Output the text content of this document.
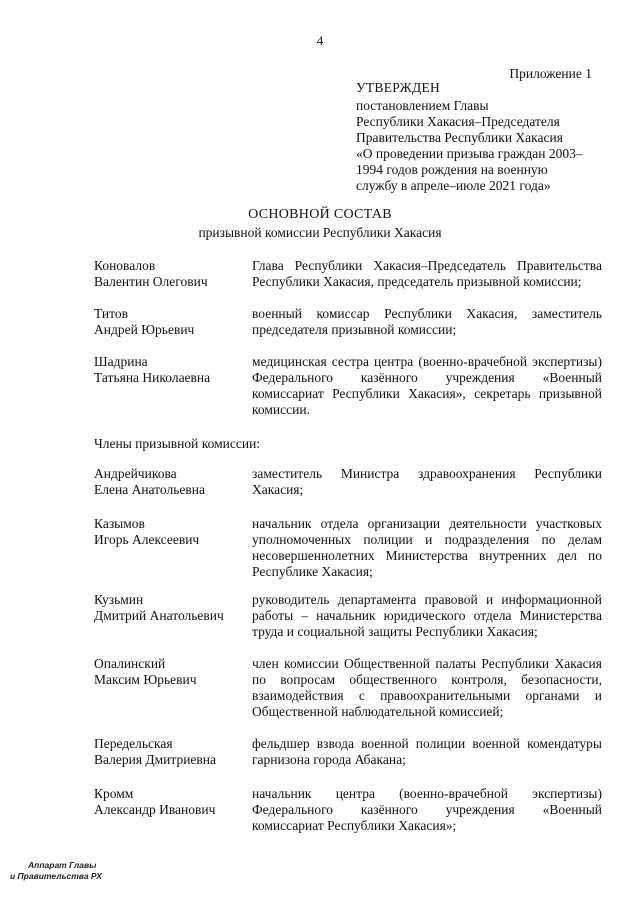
4
Приложение 1
УТВЕРЖДЕН
постановлением Главы
Республики Хакасия–Председателя
Правительства Республики Хакасия
«О проведении призыва граждан 2003–
1994 годов рождения на военную
службу в апреле–июле 2021 года»
ОСНОВНОЙ СОСТАВ
призывной комиссии Республики Хакасия
Коновалов
Валентин Олегович
Глава Республики Хакасия–Председатель Правительства Республики Хакасия, председатель призывной комиссии;
Титов
Андрей Юрьевич
военный комиссар Республики Хакасия, заместитель председателя призывной комиссии;
Шадрина
Татьяна Николаевна
медицинская сестра центра (военно-врачебной экспертизы) Федерального казённого учреждения «Военный комиссариат Республики Хакасия», секретарь призывной комиссии.
Андрейчикова
Елена Анатольевна
заместитель Министра здравоохранения Республики Хакасия;
Казымов
Игорь Алексеевич
начальник отдела организации деятельности участковых уполномоченных полиции и подразделения по делам несовершеннолетних Министерства внутренних дел по Республике Хакасия;
Кузьмин
Дмитрий Анатольевич
руководитель департамента правовой и информационной работы – начальник юридического отдела Министерства труда и социальной защиты Республики Хакасия;
Опалинский
Максим Юрьевич
член комиссии Общественной палаты Республики Хакасия по вопросам общественного контроля, безопасности, взаимодействия с правоохранительными органами и Общественной наблюдательной комиссией;
Передельская
Валерия Дмитриевна
фельдшер взвода военной полиции военной комендатуры гарнизона города Абакана;
Кромм
Александр Иванович
начальник центра (военно-врачебной экспертизы) Федерального казённого учреждения «Военный комиссариат Республики Хакасия»;
Члены призывной комиссии:
Аппарат Главы
и Правительства РХ
